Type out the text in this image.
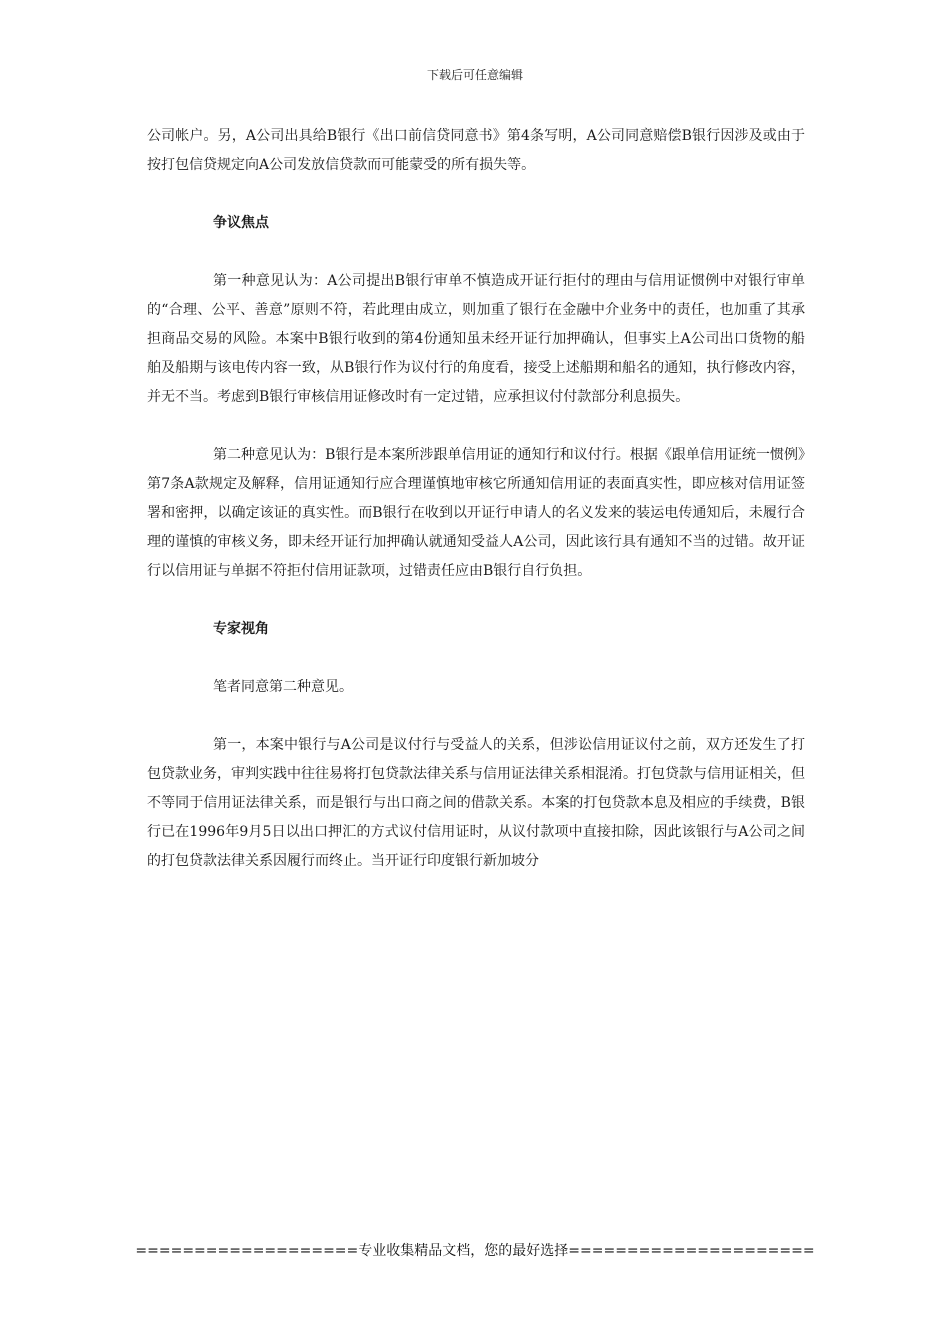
下载后可任意编辑

公司帐户。另，A公司出具给B银行《出口前信贷同意书》第4条写明，A公司同意赔偿B银行因涉及或由于按打包信贷规定向A公司发放信贷款而可能蒙受的所有损失等。

争议焦点

第一种意见认为：A公司提出B银行审单不慎造成开证行拒付的理由与信用证惯例中对银行审单的“合理、公平、善意”原则不符，若此理由成立，则加重了银行在金融中介业务中的责任，也加重了其承担商品交易的风险。本案中B银行收到的第4份通知虽未经开证行加押确认，但事实上A公司出口货物的船舶及船期与该电传内容一致，从B银行作为议付行的角度看，接受上述船期和船名的通知，执行修改内容，并无不当。考虑到B银行审核信用证修改时有一定过错，应承担议付付款部分利息损失。

第二种意见认为：B银行是本案所涉跟单信用证的通知行和议付行。根据《跟单信用证统一惯例》第7条A款规定及解释，信用证通知行应合理谨慎地审核它所通知信用证的表面真实性，即应核对信用证签署和密押，以确定该证的真实性。而B银行在收到以开证行申请人的名义发来的装运电传通知后，未履行合理的谨慎的审核义务，即未经开证行加押确认就通知受益人A公司，因此该行具有通知不当的过错。故开证行以信用证与单据不符拒付信用证款项，过错责任应由B银行自行负担。

专家视角

笔者同意第二种意见。

第一，本案中银行与A公司是议付行与受益人的关系，但涉讼信用证议付之前，双方还发生了打包贷款业务，审判实践中往往易将打包贷款法律关系与信用证法律关系相混淆。打包贷款与信用证相关，但不等同于信用证法律关系，而是银行与出口商之间的借款关系。本案的打包贷款本息及相应的手续费，B银行已在1996年9月5日以出口押汇的方式议付信用证时，从议付款项中直接扣除，因此该银行与A公司之间的打包贷款法律关系因履行而终止。当开证行印度银行新加坡分

===================专业收集精品文档，您的最好选择=====================
